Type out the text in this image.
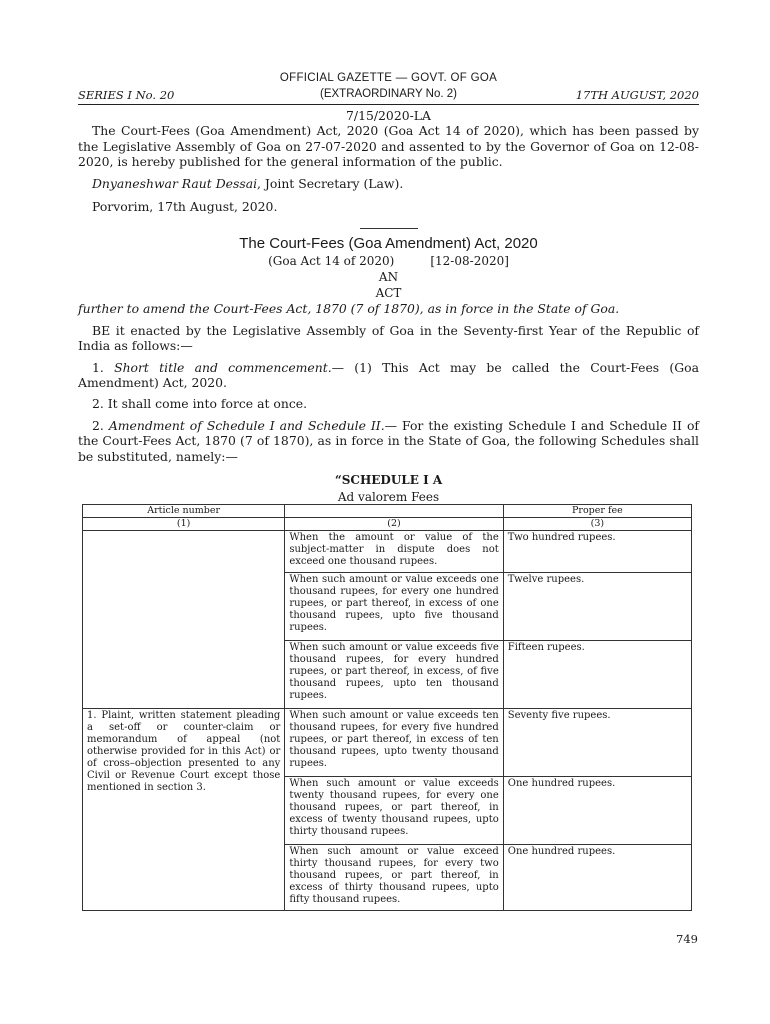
OFFICIAL GAZETTE — GOVT. OF GOA
(EXTRAORDINARY No. 2)
SERIES I No. 20	17TH AUGUST, 2020

7/15/2020-LA

The Court-Fees (Goa Amendment) Act, 2020 (Goa Act 14 of 2020), which has been passed by the Legislative Assembly of Goa on 27-07-2020 and assented to by the Governor of Goa on 12-08-2020, is hereby published for the general information of the public.

Dnyaneshwar Raut Dessai, Joint Secretary (Law).

Porvorim, 17th August, 2020.

The Court-Fees (Goa Amendment) Act, 2020
(Goa Act 14 of 2020)	[12-08-2020]
AN
ACT

further to amend the Court-Fees Act, 1870 (7 of 1870), as in force in the State of Goa.

BE it enacted by the Legislative Assembly of Goa in the Seventy-first Year of the Republic of India as follows:—

1. Short title and commencement.— (1) This Act may be called the Court-Fees (Goa Amendment) Act, 2020.

2. It shall come into force at once.

2. Amendment of Schedule I and Schedule II.— For the existing Schedule I and Schedule II of the Court-Fees Act, 1870 (7 of 1870), as in force in the State of Goa, the following Schedules shall be substituted, namely:—

“SCHEDULE I A
Ad valorem Fees
Article number		Proper fee
(1)	(2)	(3)
	When the amount or value of the subject-matter in dispute does not exceed one thousand rupees.	Two hundred rupees.
	When such amount or value exceeds one thousand rupees, for every one hundred rupees, or part thereof, in excess of one thousand rupees, upto five thousand rupees.	Twelve rupees.
	When such amount or value exceeds five thousand rupees, for every hundred rupees, or part thereof, in excess, of five thousand rupees, upto ten thousand rupees.	Fifteen rupees.
1. Plaint, written statement pleading a set-off or counter-claim or memorandum of appeal (not otherwise provided for in this Act) or of cross–objection presented to any Civil or Revenue Court except those mentioned in section 3.	When such amount or value exceeds ten thousand rupees, for every five hundred rupees, or part thereof, in excess of ten thousand rupees, upto twenty thousand rupees.	Seventy five rupees.
	When such amount or value exceeds twenty thousand rupees, for every one thousand rupees, or part thereof, in excess of twenty thousand rupees, upto thirty thousand rupees.	One hundred rupees.
	When such amount or value exceed thirty thousand rupees, for every two thousand rupees, or part thereof, in excess of thirty thousand rupees, upto fifty thousand rupees.	One hundred rupees.
749
